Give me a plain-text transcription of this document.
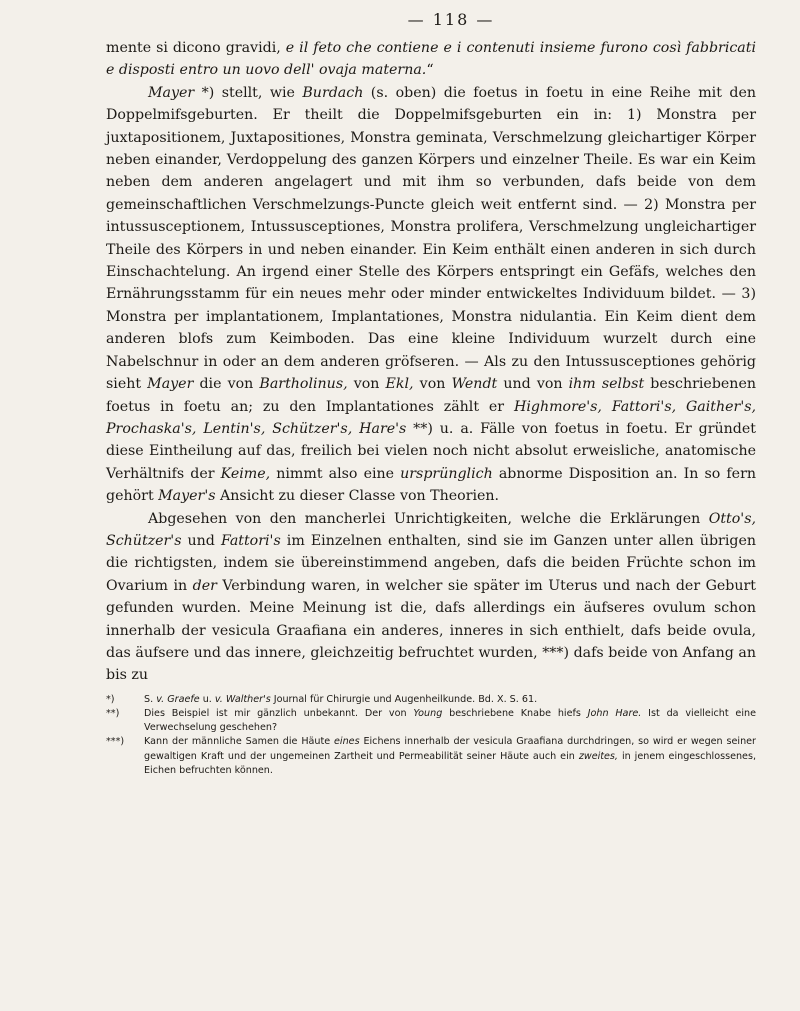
— 118 —

mente si dicono gravidi, e il feto che contiene e i contenuti insieme furono così fabbricati e disposti entro un uovo dell' ovaja materna.“

Mayer *) stellt, wie Burdach (s. oben) die foetus in foetu in eine Reihe mit den Doppelmifsgeburten. Er theilt die Doppelmifsgeburten ein in: 1) Monstra per juxtapositionem, Juxtapositiones, Monstra geminata, Verschmelzung gleichartiger Körper neben einander, Verdoppelung des ganzen Körpers und einzelner Theile. Es war ein Keim neben dem anderen angelagert und mit ihm so verbunden, dafs beide von dem gemeinschaftlichen Verschmelzungs-Puncte gleich weit entfernt sind. — 2) Monstra per intussusceptionem, Intussusceptiones, Monstra prolifera, Verschmelzung ungleichartiger Theile des Körpers in und neben einander. Ein Keim enthält einen anderen in sich durch Einschachtelung. An irgend einer Stelle des Körpers entspringt ein Gefäfs, welches den Ernährungsstamm für ein neues mehr oder minder entwickeltes Individuum bildet. — 3) Monstra per implantationem, Implantationes, Monstra nidulantia. Ein Keim dient dem anderen blofs zum Keimboden. Das eine kleine Individuum wurzelt durch eine Nabelschnur in oder an dem anderen gröfseren. — Als zu den Intussusceptiones gehörig sieht Mayer die von Bartholinus, von Ekl, von Wendt und von ihm selbst beschriebenen foetus in foetu an; zu den Implantationes zählt er Highmore's, Fattori's, Gaither's, Prochaska's, Lentin's, Schützer's, Hare's **) u. a. Fälle von foetus in foetu. Er gründet diese Eintheilung auf das, freilich bei vielen noch nicht absolut erweisliche, anatomische Verhältnifs der Keime, nimmt also eine ursprünglich abnorme Disposition an. In so fern gehört Mayer's Ansicht zu dieser Classe von Theorien.

Abgesehen von den mancherlei Unrichtigkeiten, welche die Erklärungen Otto's, Schützer's und Fattori's im Einzelnen enthalten, sind sie im Ganzen unter allen übrigen die richtigsten, indem sie übereinstimmend angeben, dafs die beiden Früchte schon im Ovarium in der Verbindung waren, in welcher sie später im Uterus und nach der Geburt gefunden wurden. Meine Meinung ist die, dafs allerdings ein äufseres ovulum schon innerhalb der vesicula Graafiana ein anderes, inneres in sich enthielt, dafs beide ovula, das äufsere und das innere, gleichzeitig befruchtet wurden, ***) dafs beide von Anfang an bis zu

*)	S. v. Graefe u. v. Walther's Journal für Chirurgie und Augenheilkunde. Bd. X. S. 61.
**)	Dies Beispiel ist mir gänzlich unbekannt. Der von Young beschriebene Knabe hiefs John Hare. Ist da vielleicht eine Verwechselung geschehen?
***) Kann der männliche Samen die Häute eines Eichens innerhalb der vesicula Graafiana durchdringen, so wird er wegen seiner gewaltigen Kraft und der ungemeinen Zartheit und Permeabilität seiner Häute auch ein zweites, in jenem eingeschlossenes, Eichen befruchten können.
